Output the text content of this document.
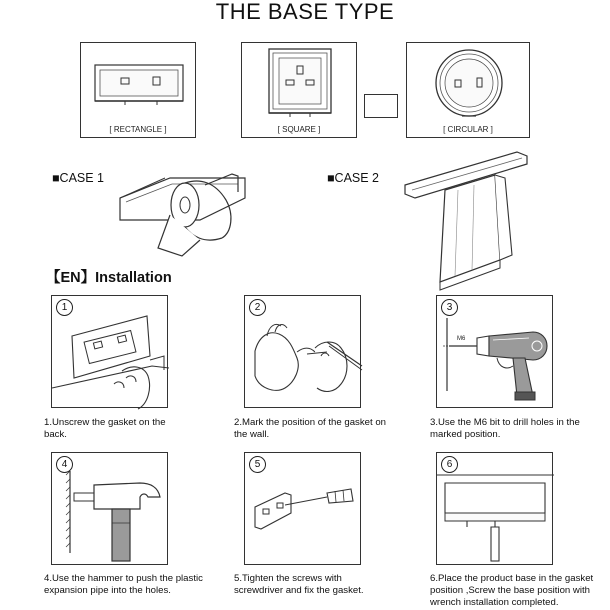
THE BASE TYPE
[ RECTANGLE ]	[ SQUARE ]	[ CIRCULAR ]
■CASE 1	■CASE 2
【EN】Installation
1
1.Unscrew the gasket on the back.
2
2.Mark the position of the gasket on the wall.
3
M6
3.Use the M6 bit to drill holes in the marked position.
4
4.Use the hammer to push the plastic expansion pipe into the holes.
5
5.Tighten the screws with screwdriver and fix the gasket.
6
6.Place the product base in the gasket position ,Screw the base position with wrench installation completed.
